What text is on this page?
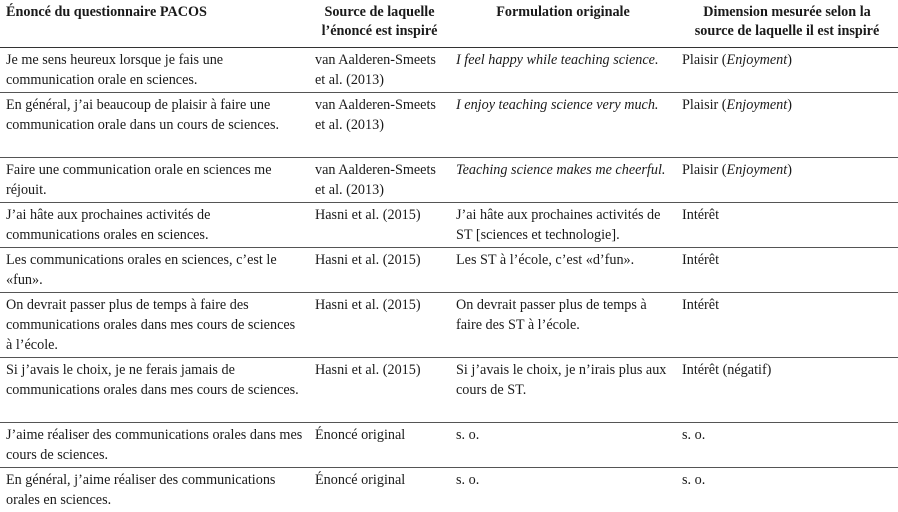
Énoncé du questionnaire PACOS	Source de laquelle l’énoncé est inspiré	Formulation originale	Dimension mesurée selon la source de laquelle il est inspiré
Je me sens heureux lorsque je fais une communication orale en sciences.	van Aalderen-Smeets et al. (2013)	I feel happy while teaching science.	Plaisir (Enjoyment)
En général, j’ai beaucoup de plaisir à faire une communication orale dans un cours de sciences.	van Aalderen-Smeets et al. (2013)	I enjoy teaching science very much.	Plaisir (Enjoyment)
Faire une communication orale en sciences me réjouit.	van Aalderen-Smeets et al. (2013)	Teaching science makes me cheerful.	Plaisir (Enjoyment)
J’ai hâte aux prochaines activités de communications orales en sciences.	Hasni et al. (2015)	J’ai hâte aux prochaines activités de ST [sciences et technologie].	Intérêt
Les communications orales en sciences, c’est le «fun».	Hasni et al. (2015)	Les ST à l’école, c’est «d’fun».	Intérêt
On devrait passer plus de temps à faire des communications orales dans mes cours de sciences à l’école.	Hasni et al. (2015)	On devrait passer plus de temps à faire des ST à l’école.	Intérêt
Si j’avais le choix, je ne ferais jamais de communications orales dans mes cours de sciences.	Hasni et al. (2015)	Si j’avais le choix, je n’irais plus aux cours de ST.	Intérêt (négatif)
J’aime réaliser des communications orales dans mes cours de sciences.	Énoncé original	s. o.	s. o.
En général, j’aime réaliser des communications orales en sciences.	Énoncé original	s. o.	s. o.
